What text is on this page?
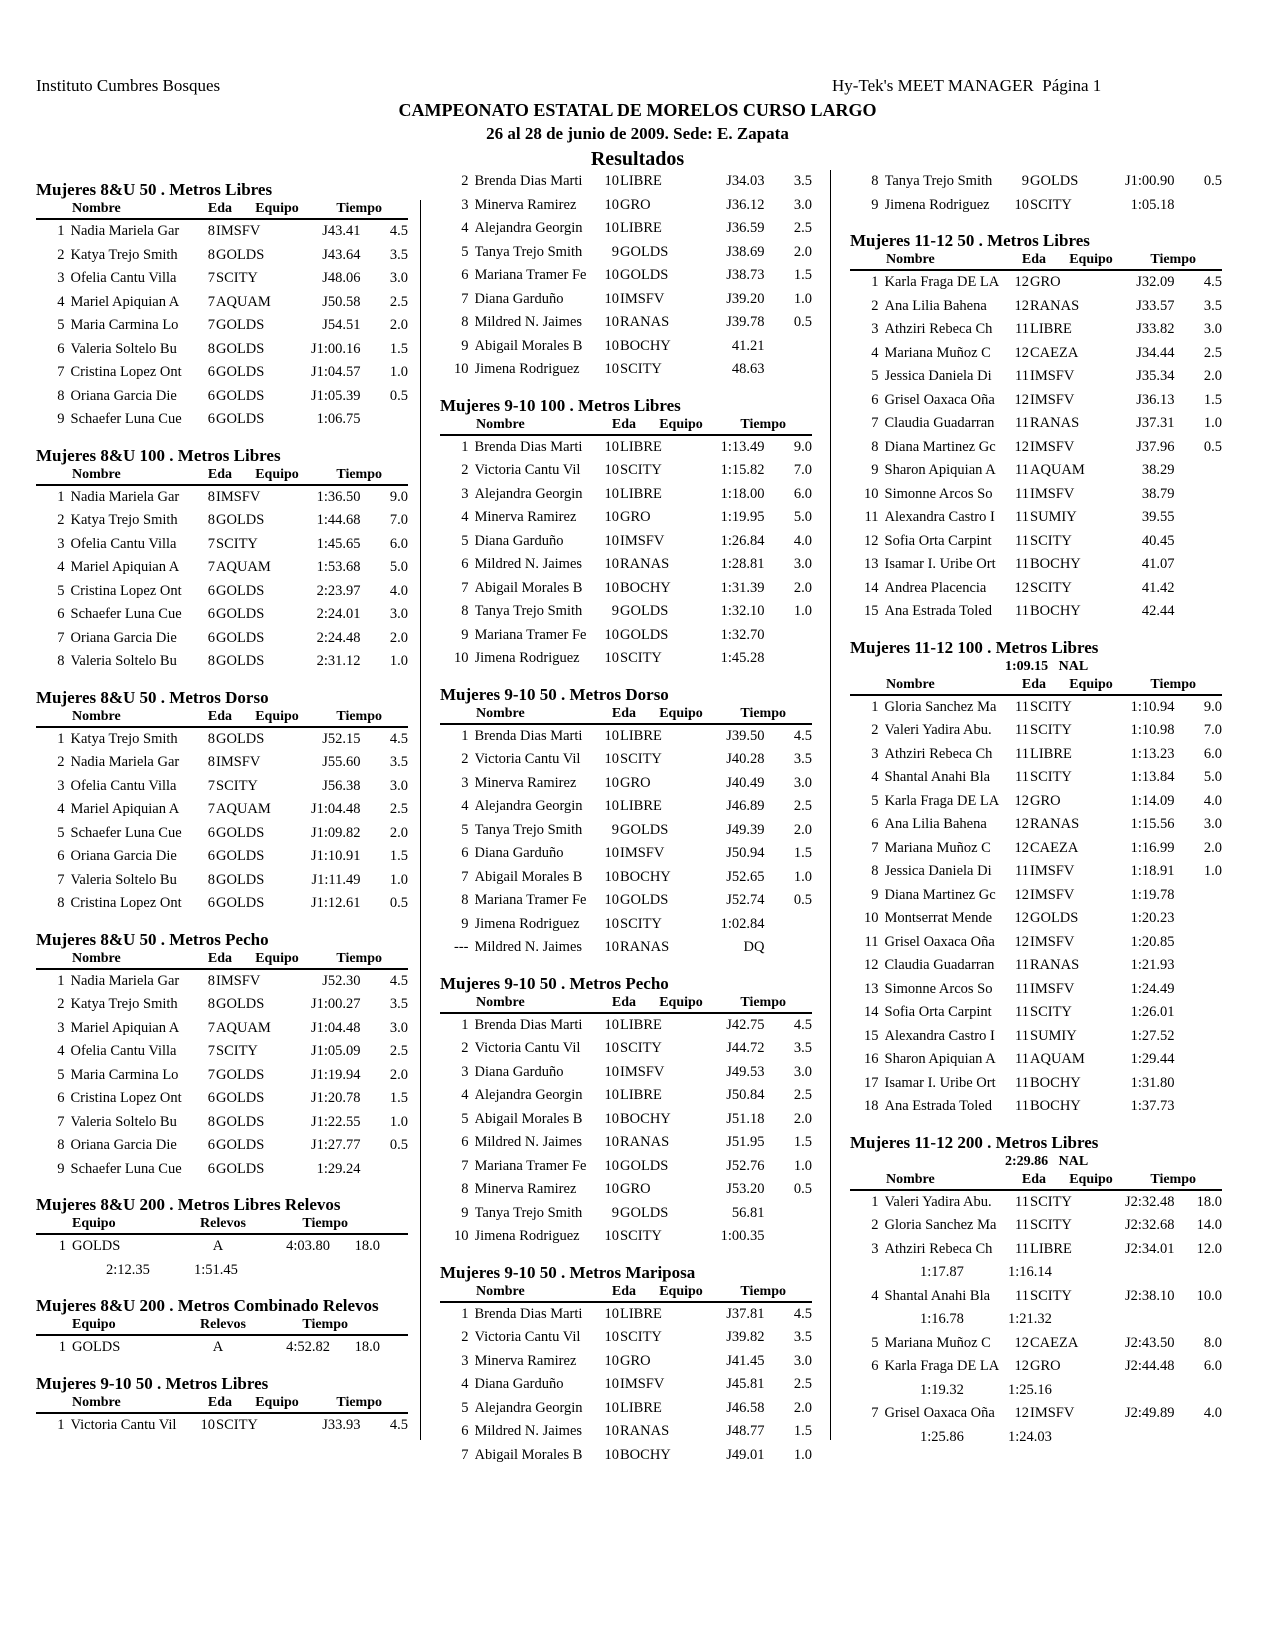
Instituto Cumbres Bosques	Hy-Tek's MEET MANAGER  Página 1
CAMPEONATO ESTATAL DE MORELOS CURSO LARGO
26 al 28 de junio de 2009. Sede: E. Zapata
Resultados
Mujeres 8&U 50 . Metros Libres
Nombre	Eda	Equipo	Tiempo
1 Nadia Mariela Gar	8 IMSFV	J43.41	4.5
2 Katya Trejo Smith	8 GOLDS	J43.64	3.5
3 Ofelia Cantu Villa	7 SCITY	J48.06	3.0
4 Mariel Apiquian A	7 AQUAM	J50.58	2.5
5 Maria Carmina Lo	7 GOLDS	J54.51	2.0
6 Valeria Soltelo Bu	8 GOLDS	J1:00.16	1.5
7 Cristina Lopez Ont	6 GOLDS	J1:04.57	1.0
8 Oriana Garcia Die	6 GOLDS	J1:05.39	0.5
9 Schaefer Luna Cue	6 GOLDS	1:06.75
Mujeres 8&U 100 . Metros Libres
Nombre	Eda	Equipo	Tiempo
1 Nadia Mariela Gar	8 IMSFV	1:36.50	9.0
2 Katya Trejo Smith	8 GOLDS	1:44.68	7.0
3 Ofelia Cantu Villa	7 SCITY	1:45.65	6.0
4 Mariel Apiquian A	7 AQUAM	1:53.68	5.0
5 Cristina Lopez Ont	6 GOLDS	2:23.97	4.0
6 Schaefer Luna Cue	6 GOLDS	2:24.01	3.0
7 Oriana Garcia Die	6 GOLDS	2:24.48	2.0
8 Valeria Soltelo Bu	8 GOLDS	2:31.12	1.0
Mujeres 8&U 50 . Metros Dorso
Nombre	Eda	Equipo	Tiempo
1 Katya Trejo Smith	8 GOLDS	J52.15	4.5
2 Nadia Mariela Gar	8 IMSFV	J55.60	3.5
3 Ofelia Cantu Villa	7 SCITY	J56.38	3.0
4 Mariel Apiquian A	7 AQUAM	J1:04.48	2.5
5 Schaefer Luna Cue	6 GOLDS	J1:09.82	2.0
6 Oriana Garcia Die	6 GOLDS	J1:10.91	1.5
7 Valeria Soltelo Bu	8 GOLDS	J1:11.49	1.0
8 Cristina Lopez Ont	6 GOLDS	J1:12.61	0.5
Mujeres 8&U 50 . Metros Pecho
Nombre	Eda	Equipo	Tiempo
1 Nadia Mariela Gar	8 IMSFV	J52.30	4.5
2 Katya Trejo Smith	8 GOLDS	J1:00.27	3.5
3 Mariel Apiquian A	7 AQUAM	J1:04.48	3.0
4 Ofelia Cantu Villa	7 SCITY	J1:05.09	2.5
5 Maria Carmina Lo	7 GOLDS	J1:19.94	2.0
6 Cristina Lopez Ont	6 GOLDS	J1:20.78	1.5
7 Valeria Soltelo Bu	8 GOLDS	J1:22.55	1.0
8 Oriana Garcia Die	6 GOLDS	J1:27.77	0.5
9 Schaefer Luna Cue	6 GOLDS	1:29.24
Mujeres 8&U 200 . Metros Libres Relevos
Equipo	Relevos	Tiempo
1 GOLDS	A	4:03.80	18.0
2:12.35	1:51.45
Mujeres 8&U 200 . Metros Combinado Relevos
Equipo	Relevos	Tiempo
1 GOLDS	A	4:52.82	18.0
Mujeres 9-10 50 . Metros Libres
Nombre	Eda	Equipo	Tiempo
1 Victoria Cantu Vil	10 SCITY	J33.93	4.5
2 Brenda Dias Marti	10 LIBRE	J34.03	3.5
3 Minerva Ramirez	10 GRO	J36.12	3.0
4 Alejandra Georgin	10 LIBRE	J36.59	2.5
5 Tanya Trejo Smith	9 GOLDS	J38.69	2.0
6 Mariana Tramer Fe	10 GOLDS	J38.73	1.5
7 Diana Garduño	10 IMSFV	J39.20	1.0
8 Mildred N. Jaimes	10 RANAS	J39.78	0.5
9 Abigail Morales B	10 BOCHY	41.21
10 Jimena Rodriguez	10 SCITY	48.63
Mujeres 9-10 100 . Metros Libres
Nombre	Eda	Equipo	Tiempo
1 Brenda Dias Marti	10 LIBRE	1:13.49	9.0
2 Victoria Cantu Vil	10 SCITY	1:15.82	7.0
3 Alejandra Georgin	10 LIBRE	1:18.00	6.0
4 Minerva Ramirez	10 GRO	1:19.95	5.0
5 Diana Garduño	10 IMSFV	1:26.84	4.0
6 Mildred N. Jaimes	10 RANAS	1:28.81	3.0
7 Abigail Morales B	10 BOCHY	1:31.39	2.0
8 Tanya Trejo Smith	9 GOLDS	1:32.10	1.0
9 Mariana Tramer Fe	10 GOLDS	1:32.70
10 Jimena Rodriguez	10 SCITY	1:45.28
Mujeres 9-10 50 . Metros Dorso
Nombre	Eda	Equipo	Tiempo
1 Brenda Dias Marti	10 LIBRE	J39.50	4.5
2 Victoria Cantu Vil	10 SCITY	J40.28	3.5
3 Minerva Ramirez	10 GRO	J40.49	3.0
4 Alejandra Georgin	10 LIBRE	J46.89	2.5
5 Tanya Trejo Smith	9 GOLDS	J49.39	2.0
6 Diana Garduño	10 IMSFV	J50.94	1.5
7 Abigail Morales B	10 BOCHY	J52.65	1.0
8 Mariana Tramer Fe	10 GOLDS	J52.74	0.5
9 Jimena Rodriguez	10 SCITY	1:02.84
--- Mildred N. Jaimes	10 RANAS	DQ
Mujeres 9-10 50 . Metros Pecho
Nombre	Eda	Equipo	Tiempo
1 Brenda Dias Marti	10 LIBRE	J42.75	4.5
2 Victoria Cantu Vil	10 SCITY	J44.72	3.5
3 Diana Garduño	10 IMSFV	J49.53	3.0
4 Alejandra Georgin	10 LIBRE	J50.84	2.5
5 Abigail Morales B	10 BOCHY	J51.18	2.0
6 Mildred N. Jaimes	10 RANAS	J51.95	1.5
7 Mariana Tramer Fe	10 GOLDS	J52.76	1.0
8 Minerva Ramirez	10 GRO	J53.20	0.5
9 Tanya Trejo Smith	9 GOLDS	56.81
10 Jimena Rodriguez	10 SCITY	1:00.35
Mujeres 9-10 50 . Metros Mariposa
Nombre	Eda	Equipo	Tiempo
1 Brenda Dias Marti	10 LIBRE	J37.81	4.5
2 Victoria Cantu Vil	10 SCITY	J39.82	3.5
3 Minerva Ramirez	10 GRO	J41.45	3.0
4 Diana Garduño	10 IMSFV	J45.81	2.5
5 Alejandra Georgin	10 LIBRE	J46.58	2.0
6 Mildred N. Jaimes	10 RANAS	J48.77	1.5
7 Abigail Morales B	10 BOCHY	J49.01	1.0
8 Tanya Trejo Smith	9 GOLDS	J1:00.90	0.5
9 Jimena Rodriguez	10 SCITY	1:05.18
Mujeres 11-12 50 . Metros Libres
Nombre	Eda	Equipo	Tiempo
1 Karla Fraga DE LA	12 GRO	J32.09	4.5
2 Ana Lilia Bahena	12 RANAS	J33.57	3.5
3 Athziri Rebeca Ch	11 LIBRE	J33.82	3.0
4 Mariana Muñoz C	12 CAEZA	J34.44	2.5
5 Jessica Daniela Di	11 IMSFV	J35.34	2.0
6 Grisel Oaxaca Oña	12 IMSFV	J36.13	1.5
7 Claudia Guadarran	11 RANAS	J37.31	1.0
8 Diana Martinez Gc	12 IMSFV	J37.96	0.5
9 Sharon Apiquian A	11 AQUAM	38.29
10 Simonne Arcos So	11 IMSFV	38.79
11 Alexandra Castro I	11 SUMIY	39.55
12 Sofia Orta Carpint	11 SCITY	40.45
13 Isamar I. Uribe Ort	11 BOCHY	41.07
14 Andrea Placencia	12 SCITY	41.42
15 Ana Estrada Toled	11 BOCHY	42.44
Mujeres 11-12 100 . Metros Libres
1:09.15   NAL
Nombre	Eda	Equipo	Tiempo
1 Gloria Sanchez Ma	11 SCITY	1:10.94	9.0
2 Valeri Yadira Abu.	11 SCITY	1:10.98	7.0
3 Athziri Rebeca Ch	11 LIBRE	1:13.23	6.0
4 Shantal Anahi Bla	11 SCITY	1:13.84	5.0
5 Karla Fraga DE LA	12 GRO	1:14.09	4.0
6 Ana Lilia Bahena	12 RANAS	1:15.56	3.0
7 Mariana Muñoz C	12 CAEZA	1:16.99	2.0
8 Jessica Daniela Di	11 IMSFV	1:18.91	1.0
9 Diana Martinez Gc	12 IMSFV	1:19.78
10 Montserrat Mende	12 GOLDS	1:20.23
11 Grisel Oaxaca Oña	12 IMSFV	1:20.85
12 Claudia Guadarran	11 RANAS	1:21.93
13 Simonne Arcos So	11 IMSFV	1:24.49
14 Sofia Orta Carpint	11 SCITY	1:26.01
15 Alexandra Castro I	11 SUMIY	1:27.52
16 Sharon Apiquian A	11 AQUAM	1:29.44
17 Isamar I. Uribe Ort	11 BOCHY	1:31.80
18 Ana Estrada Toled	11 BOCHY	1:37.73
Mujeres 11-12 200 . Metros Libres
2:29.86   NAL
Nombre	Eda	Equipo	Tiempo
1 Valeri Yadira Abu.	11 SCITY	J2:32.48	18.0
2 Gloria Sanchez Ma	11 SCITY	J2:32.68	14.0
3 Athziri Rebeca Ch	11 LIBRE	J2:34.01	12.0
1:17.87	1:16.14
4 Shantal Anahi Bla	11 SCITY	J2:38.10	10.0
1:16.78	1:21.32
5 Mariana Muñoz C	12 CAEZA	J2:43.50	8.0
6 Karla Fraga DE LA	12 GRO	J2:44.48	6.0
1:19.32	1:25.16
7 Grisel Oaxaca Oña	12 IMSFV	J2:49.89	4.0
1:25.86	1:24.03
